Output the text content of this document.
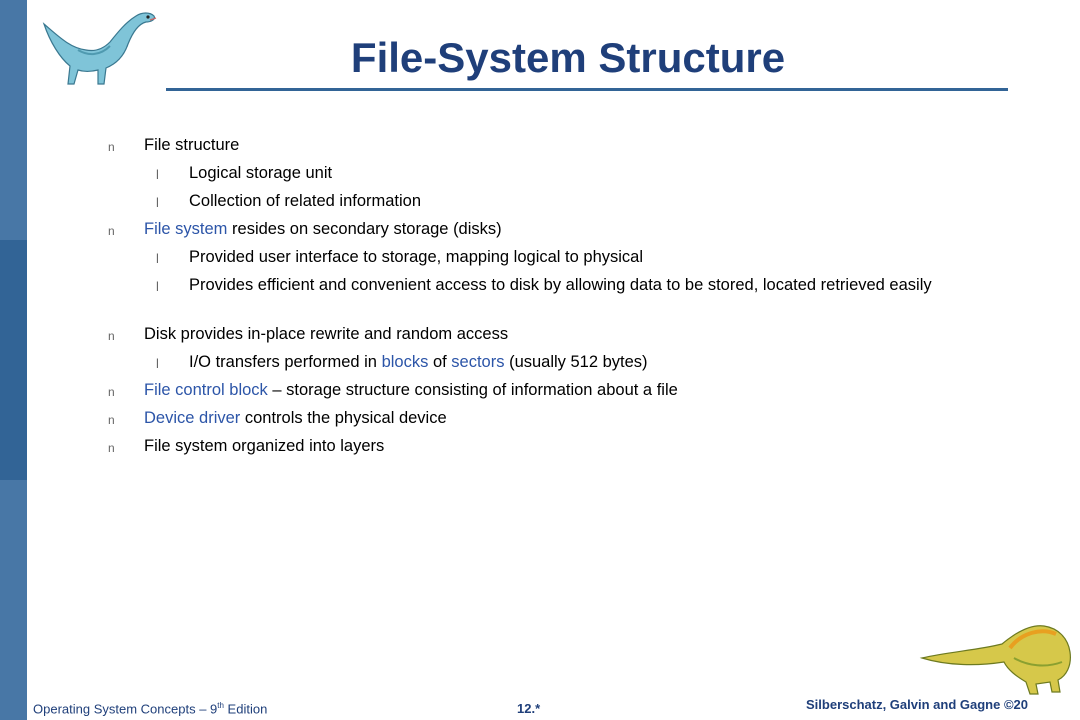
File-System Structure
n File structure
l Logical storage unit
l Collection of related information
n File system resides on secondary storage (disks)
l Provided user interface to storage, mapping logical to physical
l Provides efficient and convenient access to disk by allowing data to be stored, located retrieved easily
n Disk provides in-place rewrite and random access
l I/O transfers performed in blocks of sectors (usually 512 bytes)
n File control block – storage structure consisting of information about a file
n Device driver controls the physical device
n File system organized into layers
Operating System Concepts – 9th Edition	12.*	Silberschatz, Galvin and Gagne ©20
